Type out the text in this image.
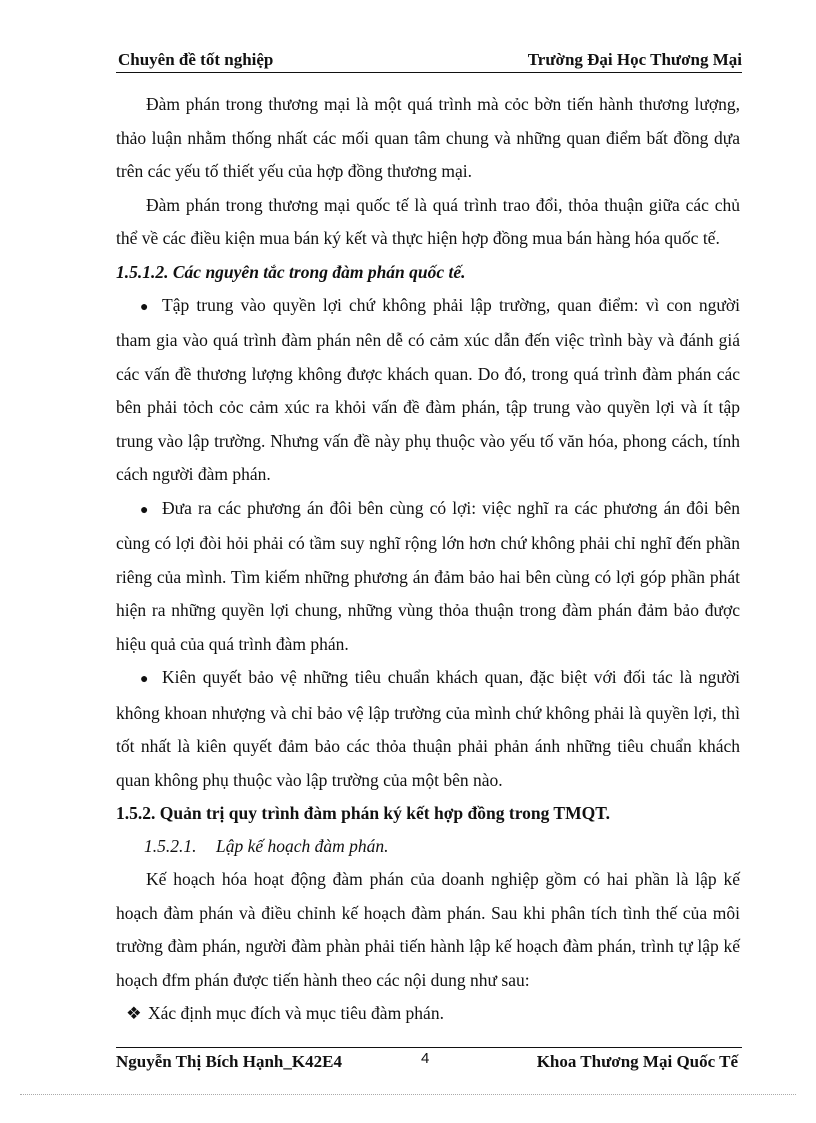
Chuyên đề tốt nghiệp	Trường Đại Học Thương Mại

Đàm phán trong thương mại là một quá trình mà cỏc bờn tiến hành thương lượng, thảo luận nhằm thống nhất các mối quan tâm chung và những quan điểm bất đồng dựa trên các yếu tố thiết yếu của hợp đồng thương mại.

Đàm phán trong thương mại quốc tế là quá trình trao đổi, thỏa thuận giữa các chủ thể về các điều kiện mua bán ký kết và thực hiện hợp đồng mua bán hàng hóa quốc tế.

1.5.1.2. Các nguyên tắc trong đàm phán quốc tế.

● Tập trung vào quyền lợi chứ không phải lập trường, quan điểm: vì con người tham gia vào quá trình đàm phán nên dễ có cảm xúc dẫn đến việc trình bày và đánh giá các vấn đề thương lượng không được khách quan. Do đó, trong quá trình đàm phán các bên phải tỏch cỏc cảm xúc ra khỏi vấn đề đàm phán, tập trung vào quyền lợi và ít tập trung vào lập trường. Nhưng vấn đề này phụ thuộc vào yếu tố văn hóa, phong cách, tính cách người đàm phán.

● Đưa ra các phương án đôi bên cùng có lợi: việc nghĩ ra các phương án đôi bên cùng có lợi đòi hỏi phải có tầm suy nghĩ rộng lớn hơn chứ không phải chỉ nghĩ đến phần riêng của mình. Tìm kiếm những phương án đảm bảo hai bên cùng có lợi góp phần phát hiện ra những quyền lợi chung, những vùng thỏa thuận trong đàm phán đảm bảo được hiệu quả của quá trình đàm phán.

● Kiên quyết bảo vệ những tiêu chuẩn khách quan, đặc biệt với đối tác là người không khoan nhượng và chỉ bảo vệ lập trường của mình chứ không phải là quyền lợi, thì tốt nhất là kiên quyết đảm bảo các thỏa thuận phải phản ánh những tiêu chuẩn khách quan không phụ thuộc vào lập trường của một bên nào.

1.5.2. Quản trị quy trình đàm phán ký kết hợp đồng trong TMQT.

1.5.2.1. Lập kế hoạch đàm phán.

Kế hoạch hóa hoạt động đàm phán của doanh nghiệp gồm có hai phần là lập kế hoạch đàm phán và điều chỉnh kế hoạch đàm phán. Sau khi phân tích tình thế của môi trường đàm phán, người đàm phàn phải tiến hành lập kế hoạch đàm phán, trình tự lập kế hoạch đfm phán được tiến hành theo các nội dung như sau:

❖ Xác định mục đích và mục tiêu đàm phán.

Nguyễn Thị Bích Hạnh_K42E4	4	Khoa Thương Mại Quốc Tế
